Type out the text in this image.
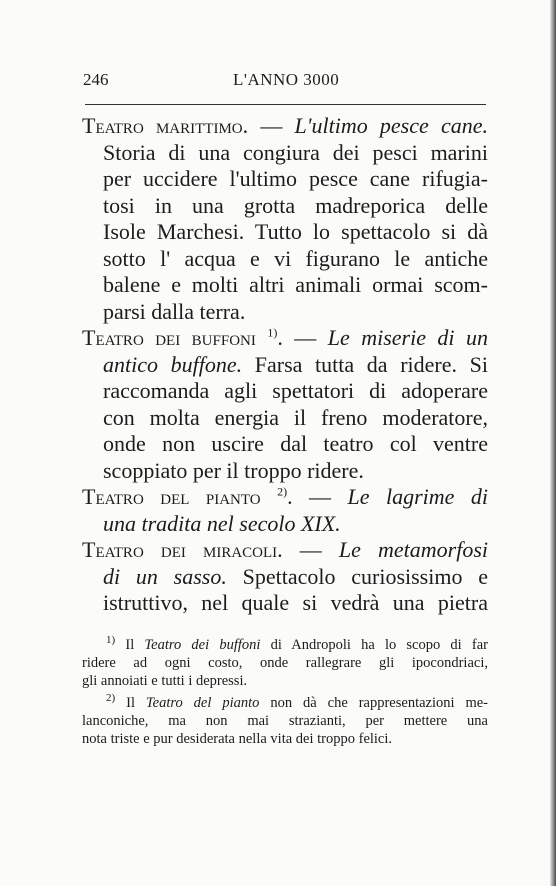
246	L'ANNO 3000
Teatro marittimo. — L'ultimo pesce cane.
Storia di una congiura dei pesci marini
per uccidere l'ultimo pesce cane rifugia-
tosi in una grotta madreporica delle
Isole Marchesi. Tutto lo spettacolo si dà
sotto l' acqua e vi figurano le antiche
balene e molti altri animali ormai scom-
parsi dalla terra.
Teatro dei buffoni $^{1)}$. — Le miserie di un
antico buffone. Farsa tutta da ridere. Si
raccomanda agli spettatori di adoperare
con molta energia il freno moderatore,
onde non uscire dal teatro col ventre
scoppiato per il troppo ridere.
Teatro del pianto $^{2)}$. — Le lagrime di
una tradita nel secolo XIX.
Teatro dei miracoli. — Le metamorfosi
di un sasso. Spettacolo curiosissimo e
istruttivo, nel quale si vedrà una pietra
$^{1)}$ Il Teatro dei buffoni di Andropoli ha lo scopo di far
ridere ad ogni costo, onde rallegrare gli ipocondriaci,
gli annoiati e tutti i depressi.
$^{2)}$ Il Teatro del pianto non dà che rappresentazioni me-
lanconiche, ma non mai strazianti, per mettere una
nota triste e pur desiderata nella vita dei troppo felici.
